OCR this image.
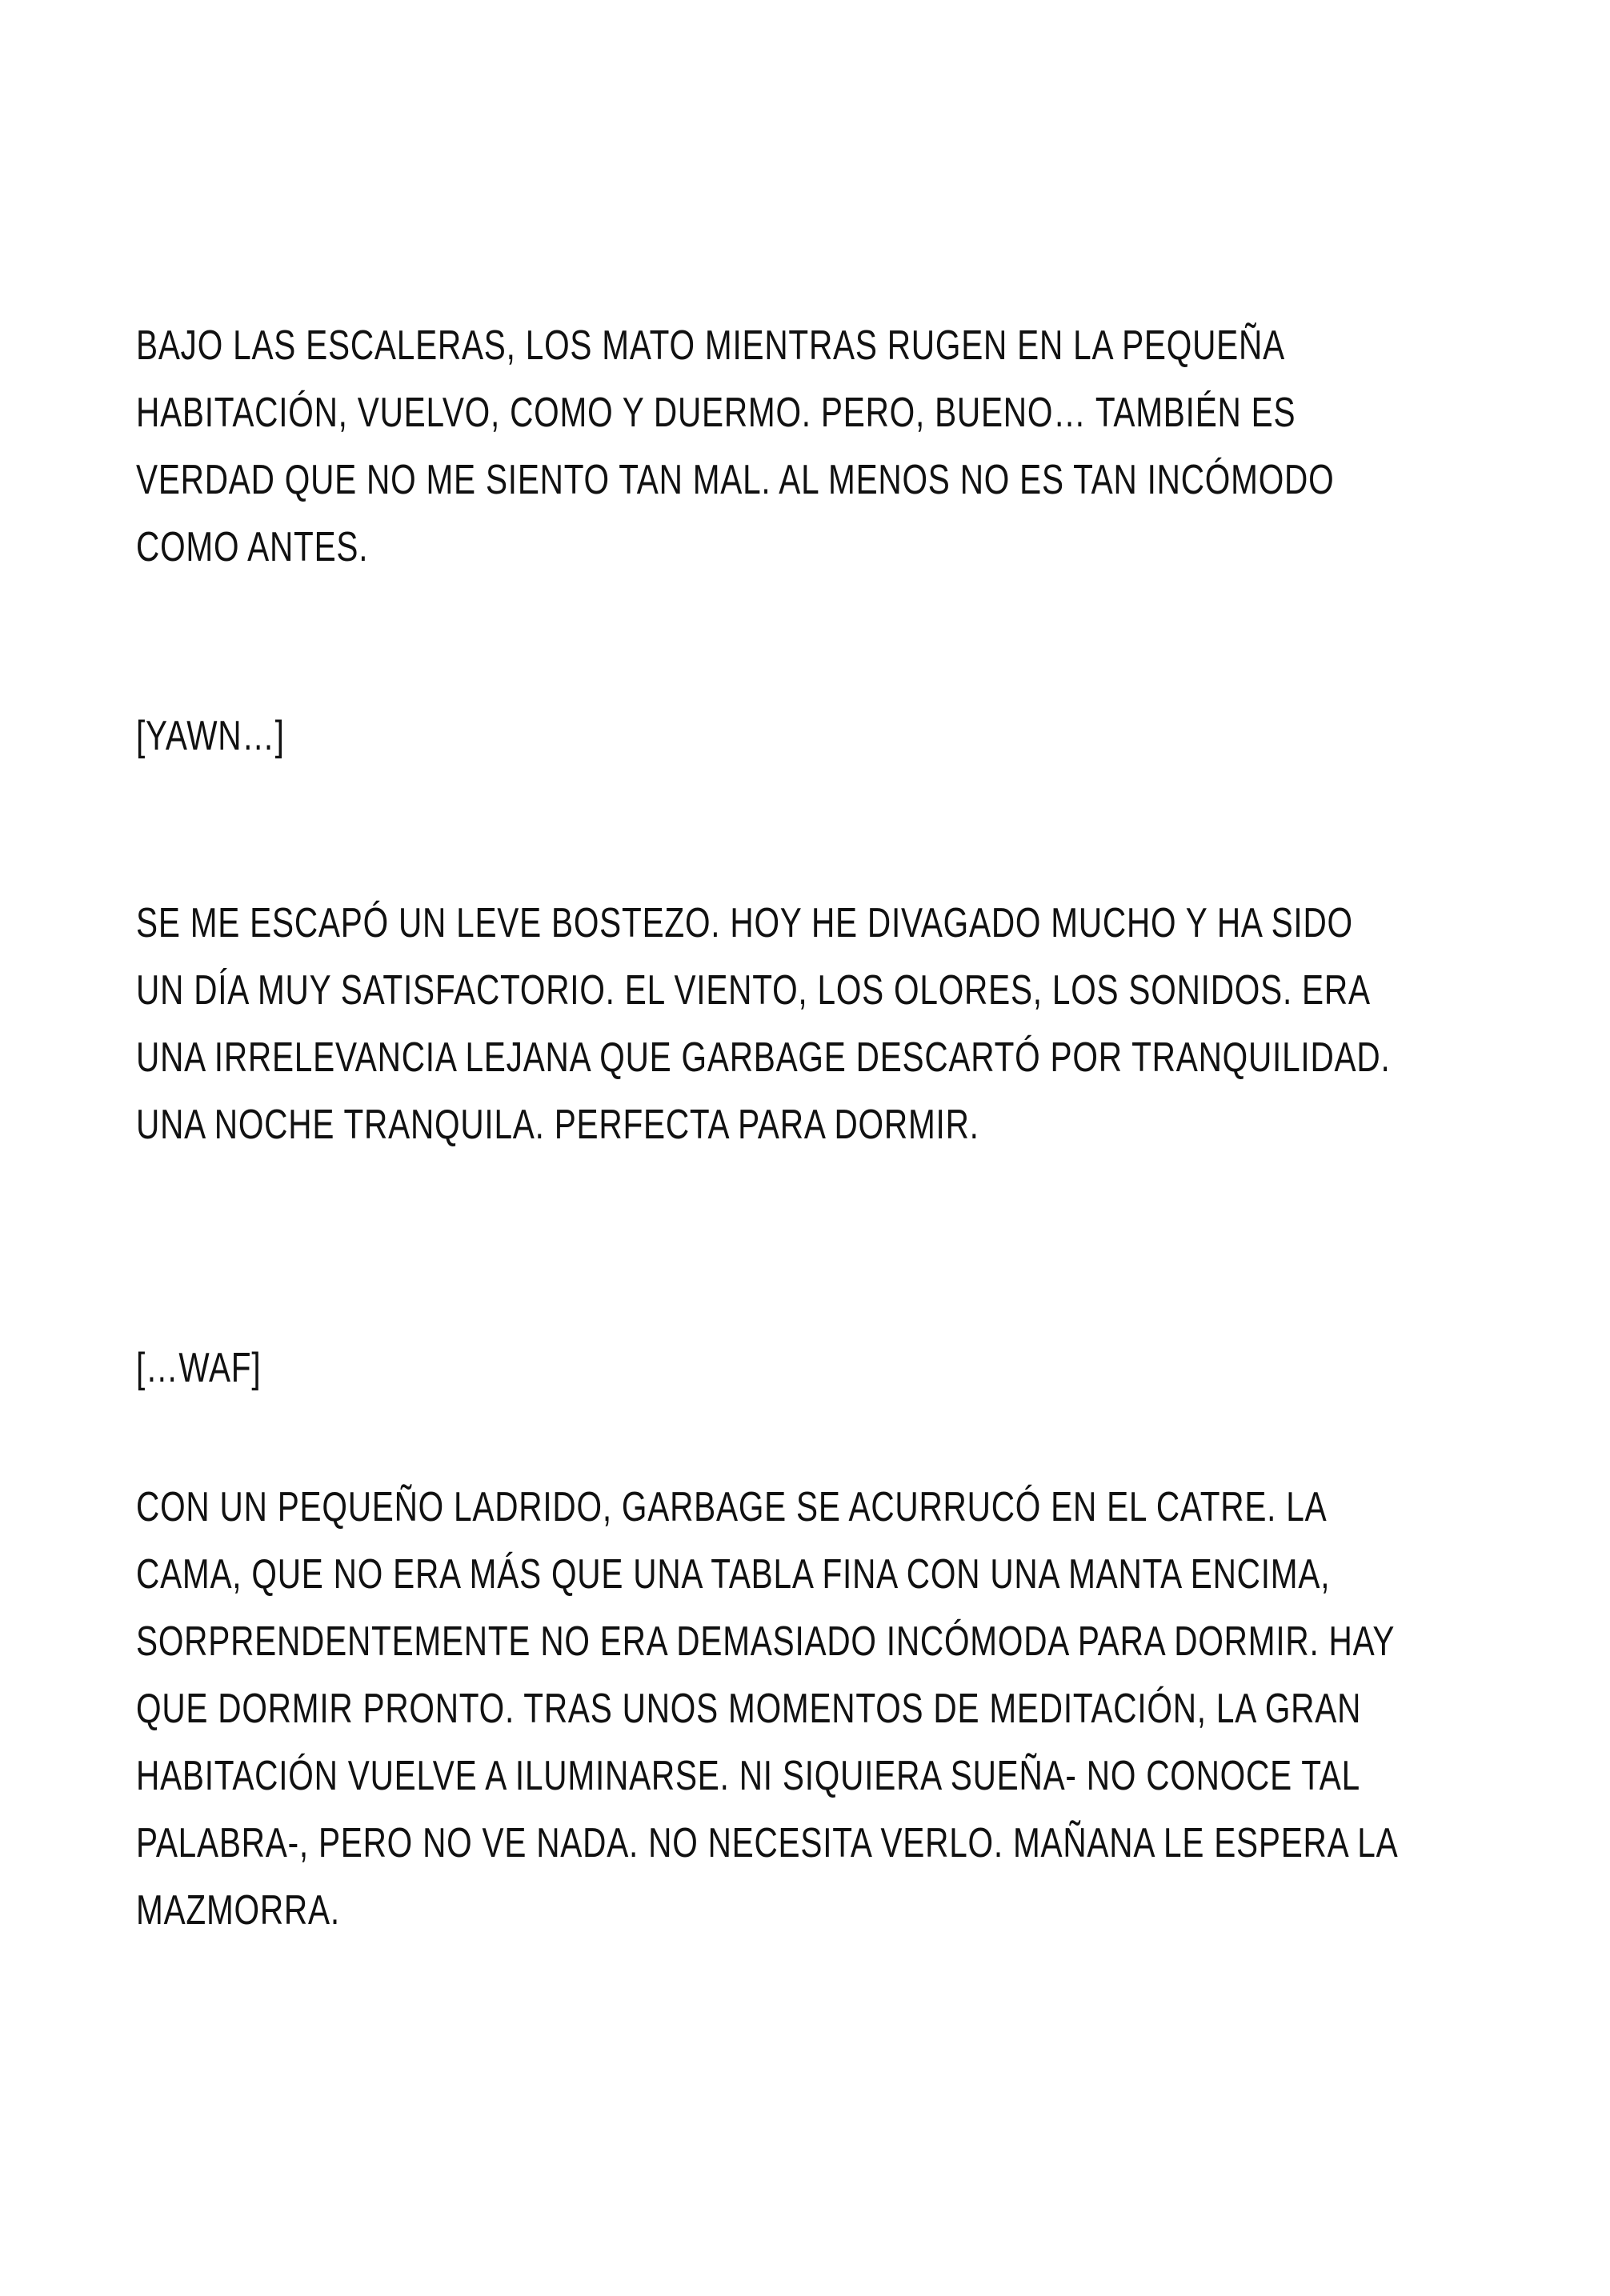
BAJO LAS ESCALERAS, LOS MATO MIENTRAS RUGEN EN LA PEQUEÑA

HABITACIÓN, VUELVO, COMO Y DUERMO. PERO, BUENO… TAMBIÉN ES

VERDAD QUE NO ME SIENTO TAN MAL. AL MENOS NO ES TAN INCÓMODO

COMO ANTES.

[YAWN…]

SE ME ESCAPÓ UN LEVE BOSTEZO. HOY HE DIVAGADO MUCHO Y HA SIDO

UN DÍA MUY SATISFACTORIO. EL VIENTO, LOS OLORES, LOS SONIDOS. ERA

UNA IRRELEVANCIA LEJANA QUE GARBAGE DESCARTÓ POR TRANQUILIDAD.

UNA NOCHE TRANQUILA. PERFECTA PARA DORMIR.

[…WAF]

CON UN PEQUEÑO LADRIDO, GARBAGE SE ACURRUCÓ EN EL CATRE. LA

CAMA, QUE NO ERA MÁS QUE UNA TABLA FINA CON UNA MANTA ENCIMA,

SORPRENDENTEMENTE NO ERA DEMASIADO INCÓMODA PARA DORMIR. HAY

QUE DORMIR PRONTO. TRAS UNOS MOMENTOS DE MEDITACIÓN, LA GRAN

HABITACIÓN VUELVE A ILUMINARSE. NI SIQUIERA SUEÑA- NO CONOCE TAL

PALABRA-, PERO NO VE NADA. NO NECESITA VERLO. MAÑANA LE ESPERA LA

MAZMORRA.
